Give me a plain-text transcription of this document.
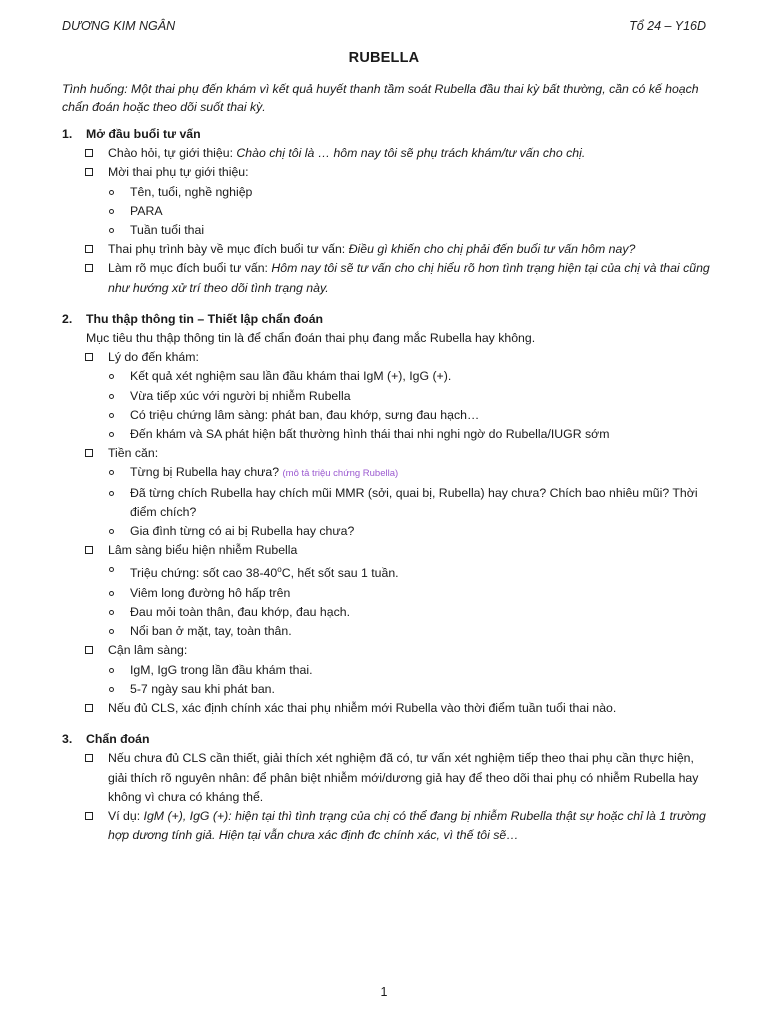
DƯƠNG KIM NGÂN	Tổ 24 – Y16D
RUBELLA
Tình huống: Một thai phụ đến khám vì kết quả huyết thanh tầm soát Rubella đầu thai kỳ bất thường, cần có kế hoạch chẩn đoán hoặc theo dõi suốt thai kỳ.
1. Mở đầu buổi tư vấn
Chào hỏi, tự giới thiệu: Chào chị tôi là … hôm nay tôi sẽ phụ trách khám/tư vấn cho chị.
Mời thai phụ tự giới thiệu:
Tên, tuổi, nghề nghiệp
PARA
Tuần tuổi thai
Thai phụ trình bày về mục đích buổi tư vấn: Điều gì khiến cho chị phải đến buổi tư vấn hôm nay?
Làm rõ mục đích buổi tư vấn: Hôm nay tôi sẽ tư vấn cho chị hiểu rõ hơn tình trạng hiện tại của chị và thai cũng như hướng xử trí theo dõi tình trạng này.
2. Thu thập thông tin – Thiết lập chẩn đoán
Mục tiêu thu thập thông tin là để chẩn đoán thai phụ đang mắc Rubella hay không.
Lý do đến khám:
Kết quả xét nghiệm sau lần đầu khám thai IgM (+), IgG (+).
Vừa tiếp xúc với người bị nhiễm Rubella
Có triệu chứng lâm sàng: phát ban, đau khớp, sưng đau hạch…
Đến khám và SA phát hiện bất thường hình thái thai nhi nghi ngờ do Rubella/IUGR sớm
Tiền căn:
Từng bị Rubella hay chưa? (mô tả triệu chứng Rubella)
Đã từng chích Rubella hay chích mũi MMR (sởi, quai bị, Rubella) hay chưa? Chích bao nhiêu mũi? Thời điểm chích?
Gia đình từng có ai bị Rubella hay chưa?
Lâm sàng biểu hiện nhiễm Rubella
Triệu chứng: sốt cao 38-40$^o$C, hết sốt sau 1 tuần.
Viêm long đường hô hấp trên
Đau mỏi toàn thân, đau khớp, đau hạch.
Nổi ban ở mặt, tay, toàn thân.
Cận lâm sàng:
IgM, IgG trong lần đầu khám thai.
5-7 ngày sau khi phát ban.
Nếu đủ CLS, xác định chính xác thai phụ nhiễm mới Rubella vào thời điểm tuần tuổi thai nào.
3. Chẩn đoán
Nếu chưa đủ CLS cần thiết, giải thích xét nghiệm đã có, tư vấn xét nghiệm tiếp theo thai phụ cần thực hiện, giải thích rõ nguyên nhân: để phân biệt nhiễm mới/dương giả hay để theo dõi thai phụ có nhiễm Rubella hay không vì chưa có kháng thể.
Ví dụ: IgM (+), IgG (+): hiện tại thì tình trạng của chị có thể đang bị nhiễm Rubella thật sự hoặc chỉ là 1 trường hợp dương tính giả. Hiện tại vẫn chưa xác định đc chính xác, vì thế tôi sẽ…
1
